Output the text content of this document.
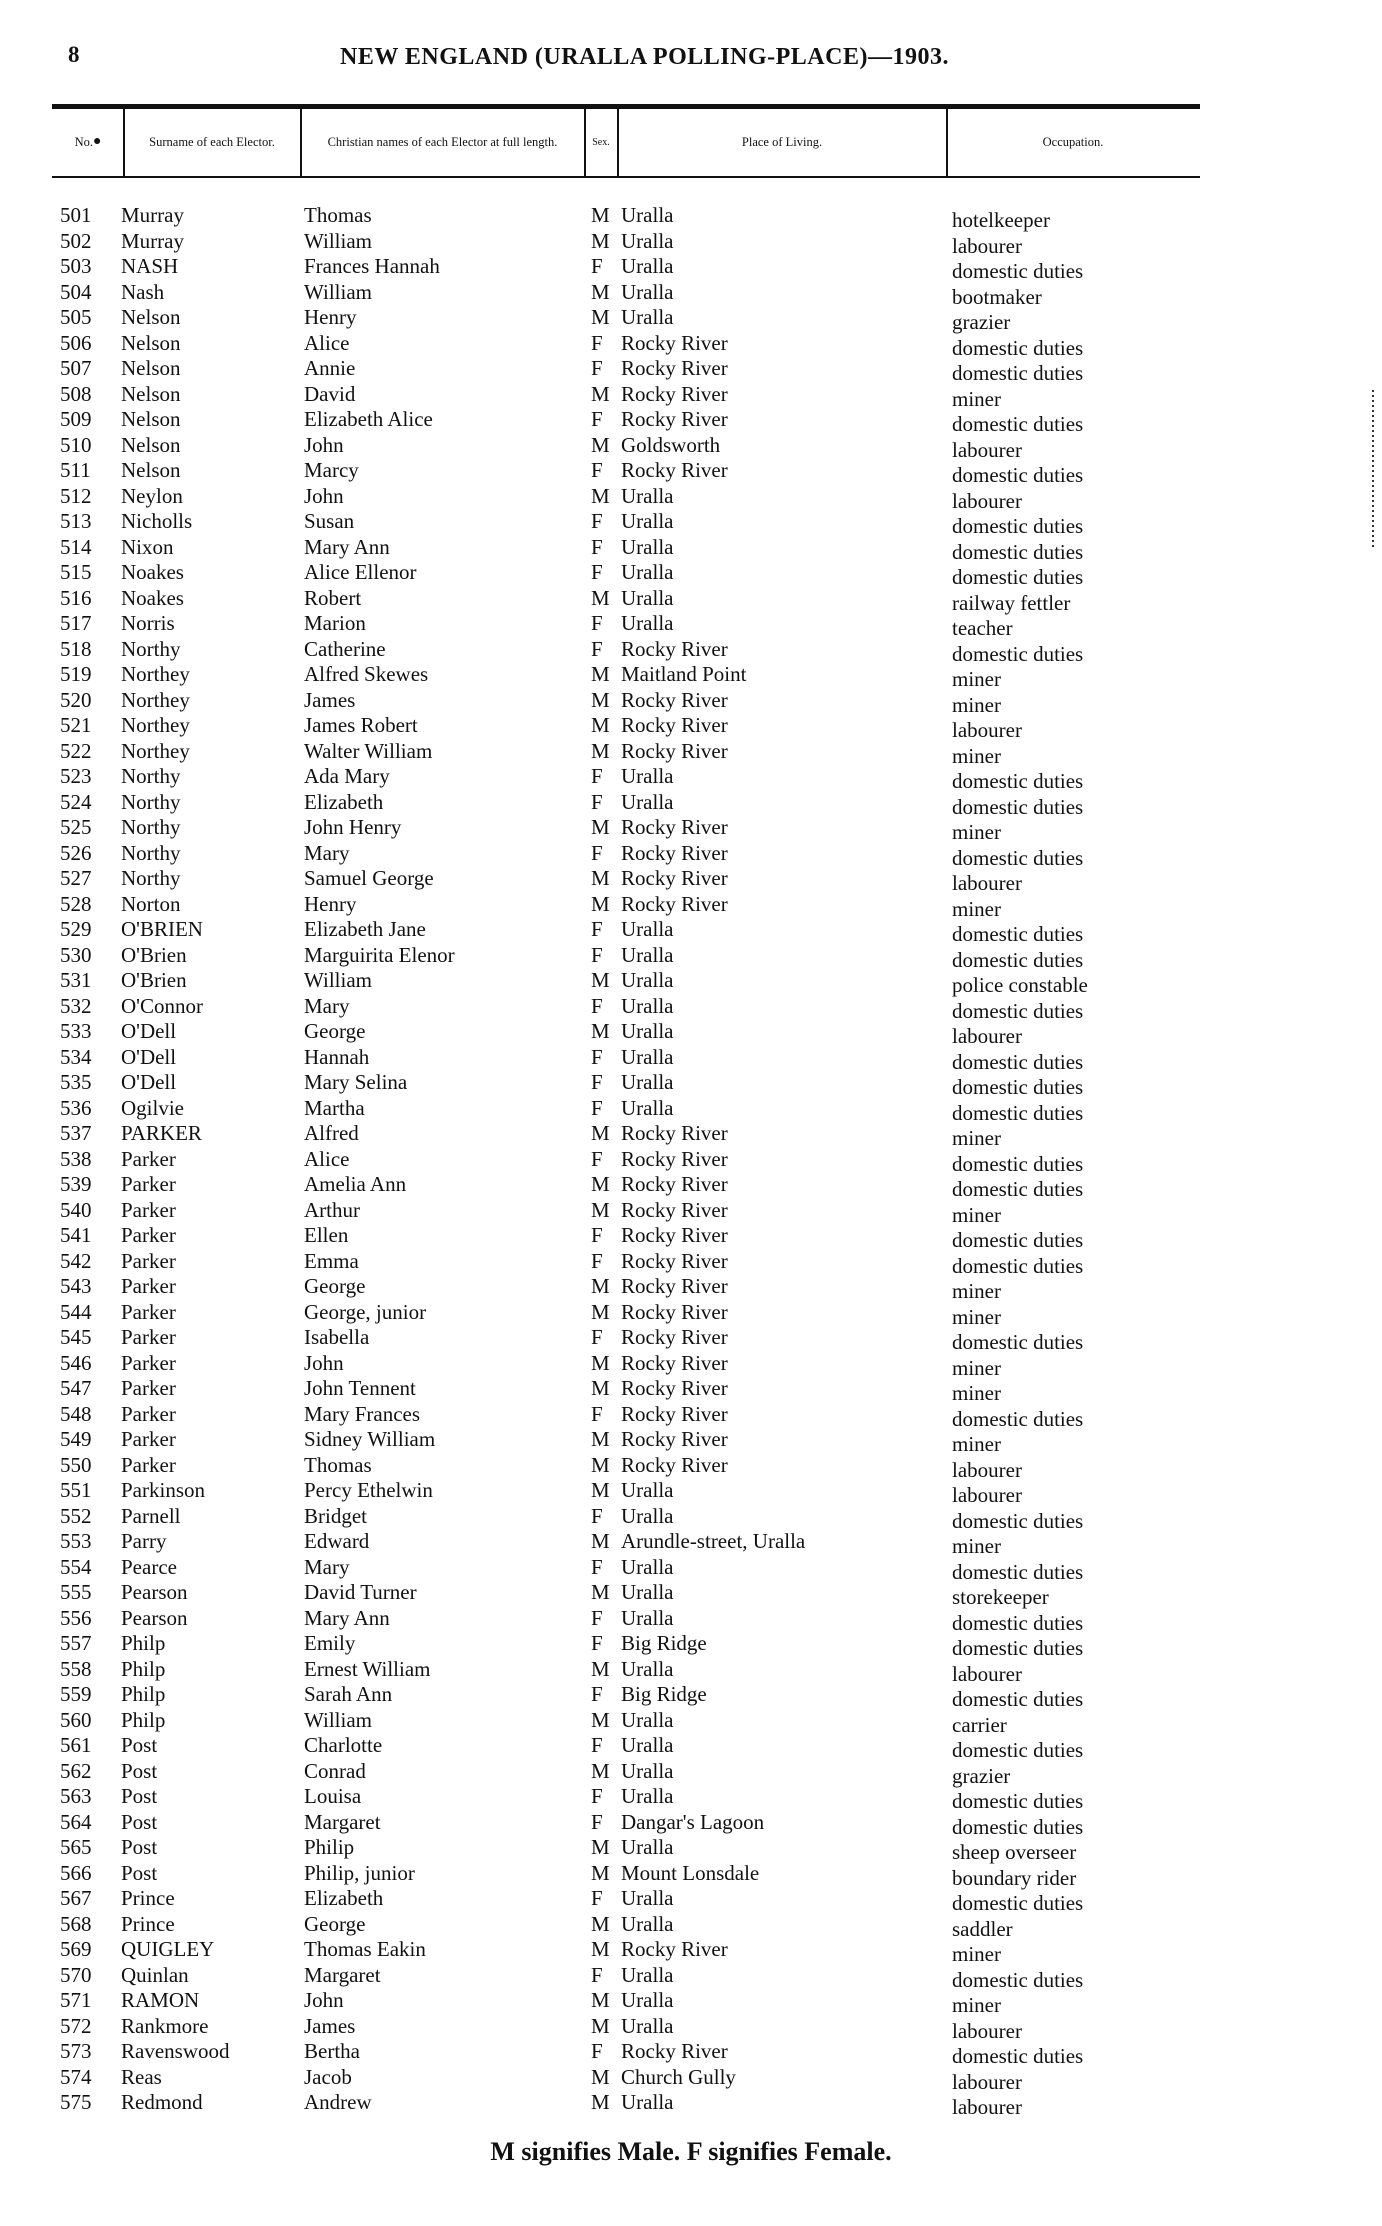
8	NEW ENGLAND (URALLA POLLING-PLACE)—1903.
No. ●	Surname of each Elector.	Christian names of each Elector at full length.	Sex.	Place of Living.	Occupation.
501 Murray	Thomas	M Uralla	hotelkeeper
502 Murray	William	M Uralla	labourer
503 NASH	Frances Hannah	F Uralla	domestic duties
504 Nash	William	M Uralla	bootmaker
505 Nelson	Henry	M Uralla	grazier
506 Nelson	Alice	F Rocky River	domestic duties
507 Nelson	Annie	F Rocky River	domestic duties
508 Nelson	David	M Rocky River	miner
509 Nelson	Elizabeth Alice	F Rocky River	domestic duties
510 Nelson	John	M Goldsworth	labourer
511 Nelson	Marcy	F Rocky River	domestic duties
512 Neylon	John	M Uralla	labourer
513 Nicholls	Susan	F Uralla	domestic duties
514 Nixon	Mary Ann	F Uralla	domestic duties
515 Noakes	Alice Ellenor	F Uralla	domestic duties
516 Noakes	Robert	M Uralla	railway fettler
517 Norris	Marion	F Uralla	teacher
518 Northy	Catherine	F Rocky River	domestic duties
519 Northey	Alfred Skewes	M Maitland Point	miner
520 Northey	James	M Rocky River	miner
521 Northey	James Robert	M Rocky River	labourer
522 Northey	Walter William	M Rocky River	miner
523 Northy	Ada Mary	F Uralla	domestic duties
524 Northy	Elizabeth	F Uralla	domestic duties
525 Northy	John Henry	M Rocky River	miner
526 Northy	Mary	F Rocky River	domestic duties
527 Northy	Samuel George	M Rocky River	labourer
528 Norton	Henry	M Rocky River	miner
529 O'BRIEN	Elizabeth Jane	F Uralla	domestic duties
530 O'Brien	Marguirita Elenor	F Uralla	domestic duties
531 O'Brien	William	M Uralla	police constable
532 O'Connor	Mary	F Uralla	domestic duties
533 O'Dell	George	M Uralla	labourer
534 O'Dell	Hannah	F Uralla	domestic duties
535 O'Dell	Mary Selina	F Uralla	domestic duties
536 Ogilvie	Martha	F Uralla	domestic duties
537 PARKER	Alfred	M Rocky River	miner
538 Parker	Alice	F Rocky River	domestic duties
539 Parker	Amelia Ann	M Rocky River	domestic duties
540 Parker	Arthur	M Rocky River	miner
541 Parker	Ellen	F Rocky River	domestic duties
542 Parker	Emma	F Rocky River	domestic duties
543 Parker	George	M Rocky River	miner
544 Parker	George, junior	M Rocky River	miner
545 Parker	Isabella	F Rocky River	domestic duties
546 Parker	John	M Rocky River	miner
547 Parker	John Tennent	M Rocky River	miner
548 Parker	Mary Frances	F Rocky River	domestic duties
549 Parker	Sidney William	M Rocky River	miner
550 Parker	Thomas	M Rocky River	labourer
551 Parkinson	Percy Ethelwin	M Uralla	labourer
552 Parnell	Bridget	F Uralla	domestic duties
553 Parry	Edward	M Arundle-street, Uralla	miner
554 Pearce	Mary	F Uralla	domestic duties
555 Pearson	David Turner	M Uralla	storekeeper
556 Pearson	Mary Ann	F Uralla	domestic duties
557 Philp	Emily	F Big Ridge	domestic duties
558 Philp	Ernest William	M Uralla	labourer
559 Philp	Sarah Ann	F Big Ridge	domestic duties
560 Philp	William	M Uralla	carrier
561 Post	Charlotte	F Uralla	domestic duties
562 Post	Conrad	M Uralla	grazier
563 Post	Louisa	F Uralla	domestic duties
564 Post	Margaret	F Dangar's Lagoon	domestic duties
565 Post	Philip	M Uralla	sheep overseer
566 Post	Philip, junior	M Mount Lonsdale	boundary rider
567 Prince	Elizabeth	F Uralla	domestic duties
568 Prince	George	M Uralla	saddler
569 QUIGLEY	Thomas Eakin	M Rocky River	miner
570 Quinlan	Margaret	F Uralla	domestic duties
571 RAMON	John	M Uralla	miner
572 Rankmore	James	M Uralla	labourer
573 Ravenswood	Bertha	F Rocky River	domestic duties
574 Reas	Jacob	M Church Gully	labourer
575 Redmond	Andrew	M Uralla	labourer
M signifies Male. F signifies Female.
